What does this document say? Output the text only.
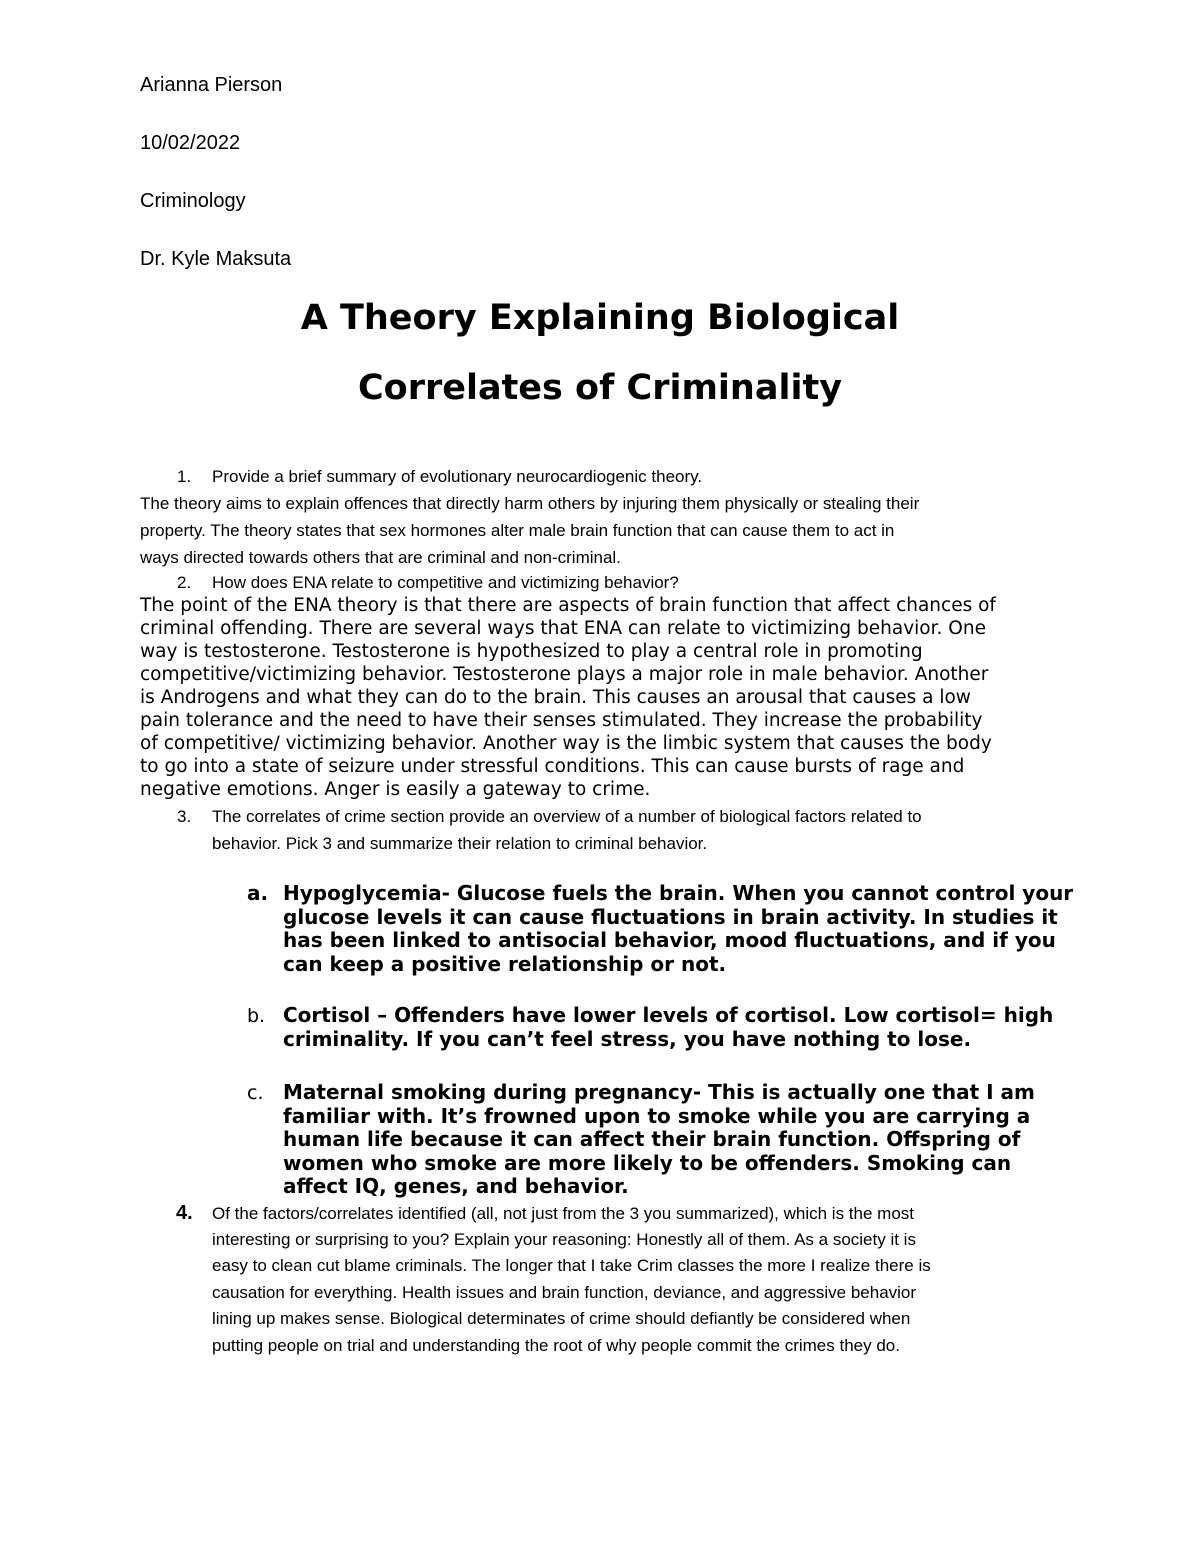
Arianna Pierson
10/02/2022
Criminology
Dr. Kyle Maksuta
A Theory Explaining Biological
Correlates of Criminality
1. Provide a brief summary of evolutionary neurocardiogenic theory.
The theory aims to explain offences that directly harm others by injuring them physically or stealing their
property. The theory states that sex hormones alter male brain function that can cause them to act in
ways directed towards others that are criminal and non-criminal.
2. How does ENA relate to competitive and victimizing behavior?
The point of the ENA theory is that there are aspects of brain function that affect chances of
criminal offending. There are several ways that ENA can relate to victimizing behavior. One
way is testosterone. Testosterone is hypothesized to play a central role in promoting
competitive/victimizing behavior. Testosterone plays a major role in male behavior. Another
is Androgens and what they can do to the brain. This causes an arousal that causes a low
pain tolerance and the need to have their senses stimulated. They increase the probability
of competitive/ victimizing behavior. Another way is the limbic system that causes the body
to go into a state of seizure under stressful conditions. This can cause bursts of rage and
negative emotions. Anger is easily a gateway to crime.
3. The correlates of crime section provide an overview of a number of biological factors related to
behavior. Pick 3 and summarize their relation to criminal behavior.
a. Hypoglycemia- Glucose fuels the brain. When you cannot control your
glucose levels it can cause fluctuations in brain activity. In studies it
has been linked to antisocial behavior, mood fluctuations, and if you
can keep a positive relationship or not.
b. Cortisol – Offenders have lower levels of cortisol. Low cortisol= high
criminality. If you can’t feel stress, you have nothing to lose.
c. Maternal smoking during pregnancy- This is actually one that I am
familiar with. It’s frowned upon to smoke while you are carrying a
human life because it can affect their brain function. Offspring of
women who smoke are more likely to be offenders. Smoking can
affect IQ, genes, and behavior.
4. Of the factors/correlates identified (all, not just from the 3 you summarized), which is the most
interesting or surprising to you? Explain your reasoning: Honestly all of them. As a society it is
easy to clean cut blame criminals. The longer that I take Crim classes the more I realize there is
causation for everything. Health issues and brain function, deviance, and aggressive behavior
lining up makes sense. Biological determinates of crime should defiantly be considered when
putting people on trial and understanding the root of why people commit the crimes they do.
